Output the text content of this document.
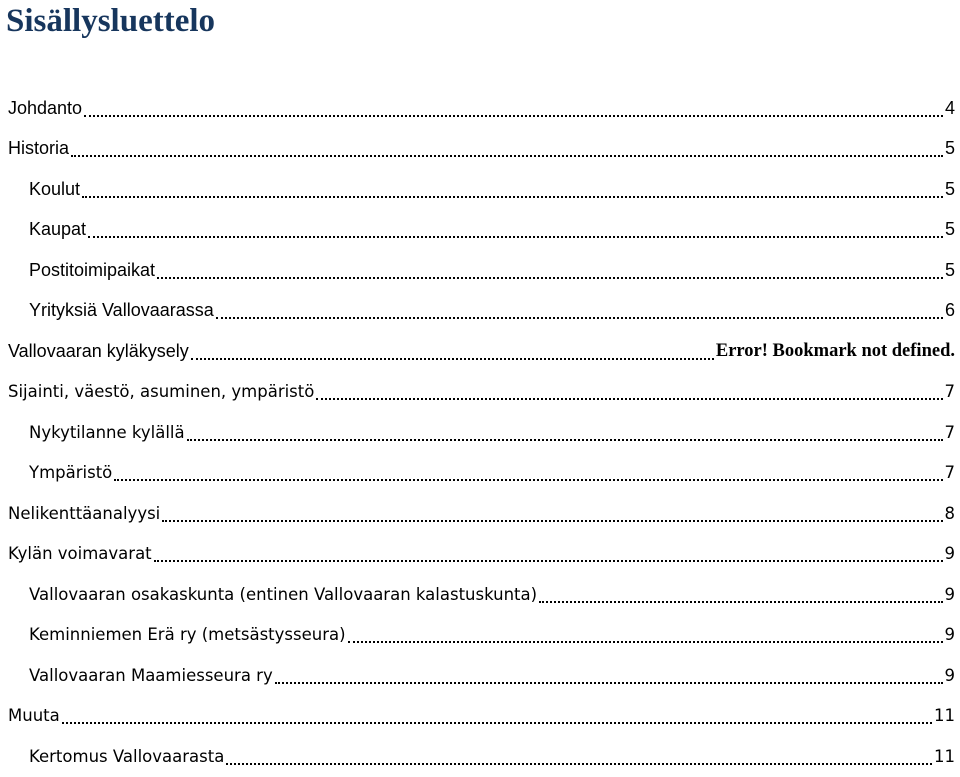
Sisällysluettelo
Johdanto	4
Historia	5
Koulut	5
Kaupat	5
Postitoimipaikat	5
Yrityksiä Vallovaarassa	6
Vallovaaran kyläkysely	Error! Bookmark not defined.
Sijainti, väestö, asuminen, ympäristö	7
Nykytilanne kylällä	7
Ympäristö	7
Nelikenttäanalyysi	8
Kylän voimavarat	9
Vallovaaran osakaskunta (entinen Vallovaaran kalastuskunta)	9
Keminniemen Erä ry (metsästysseura)	9
Vallovaaran Maamiesseura ry	9
Muuta	11
Kertomus Vallovaarasta	11
